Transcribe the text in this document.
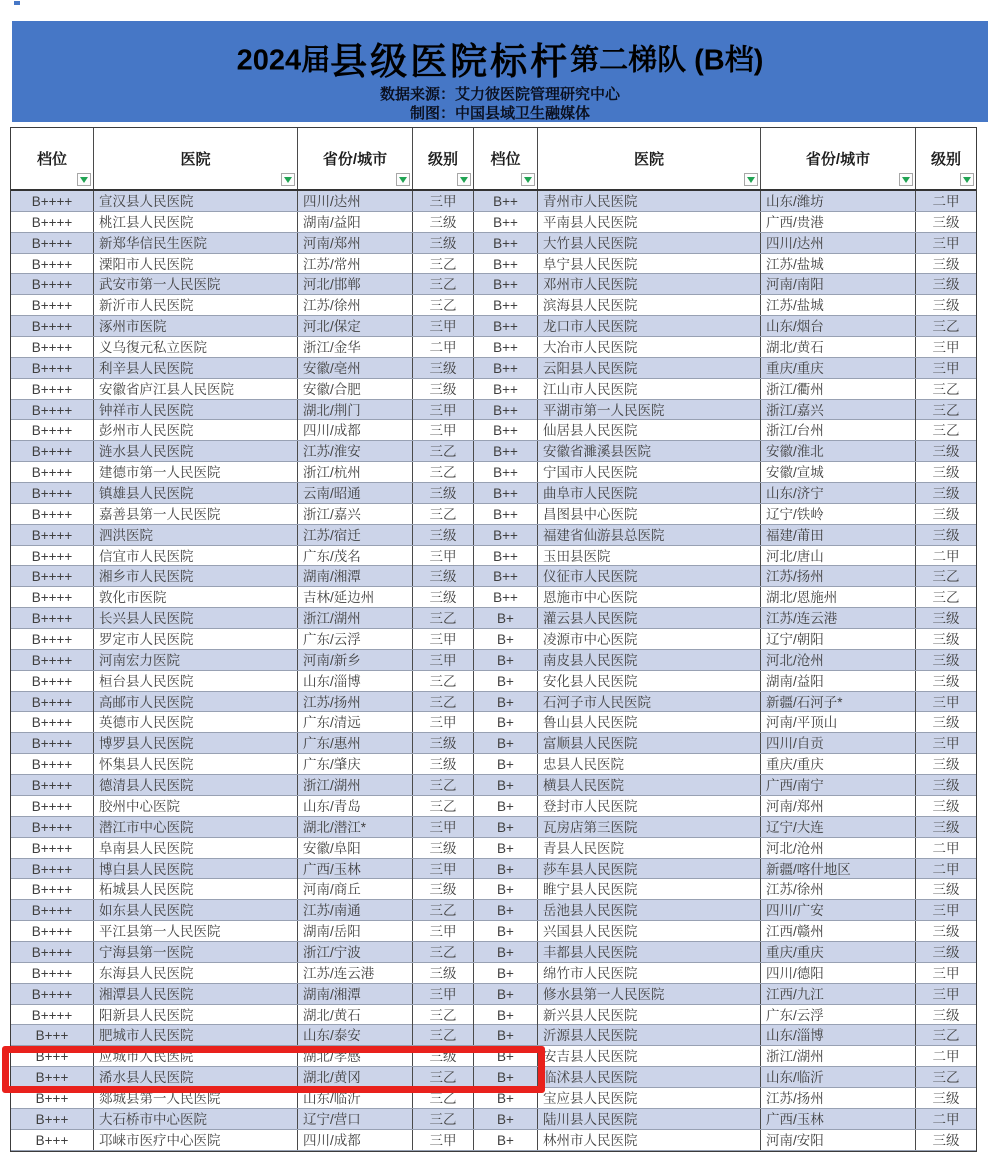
2024届县级医院标杆第二梯队 (B档)
数据来源：艾力彼医院管理研究中心
制图：中国县域卫生融媒体
档位	医院	省份/城市	级别 档位	医院	省份/城市	级别
B++++	宣汉县人民医院	四川/达州	三甲	B++	青州市人民医院	山东/潍坊	二甲
B++++	桃江县人民医院	湖南/益阳	三级	B++	平南县人民医院	广西/贵港	三级
B++++	新郑华信民生医院	河南/郑州	三级	B++	大竹县人民医院	四川/达州	三甲
B++++	溧阳市人民医院	江苏/常州	三乙	B++	阜宁县人民医院	江苏/盐城	三级
B++++	武安市第一人民医院	河北/邯郸	三乙	B++	邓州市人民医院	河南/南阳	三级
B++++	新沂市人民医院	江苏/徐州	三乙	B++	滨海县人民医院	江苏/盐城	三级
B++++	涿州市医院	河北/保定	三甲	B++	龙口市人民医院	山东/烟台	三乙
B++++	义乌復元私立医院	浙江/金华	二甲	B++	大冶市人民医院	湖北/黄石	三甲
B++++	利辛县人民医院	安徽/亳州	三级	B++	云阳县人民医院	重庆/重庆	三甲
B++++	安徽省庐江县人民医院	安徽/合肥	三级	B++	江山市人民医院	浙江/衢州	三乙
B++++	钟祥市人民医院	湖北/荆门	三甲	B++	平湖市第一人民医院	浙江/嘉兴	三乙
B++++	彭州市人民医院	四川/成都	三甲	B++	仙居县人民医院	浙江/台州	三乙
B++++	涟水县人民医院	江苏/淮安	三乙	B++	安徽省濉溪县医院	安徽/淮北	三级
B++++	建德市第一人民医院	浙江/杭州	三乙	B++	宁国市人民医院	安徽/宣城	三级
B++++	镇雄县人民医院	云南/昭通	三级	B++	曲阜市人民医院	山东/济宁	三级
B++++	嘉善县第一人民医院	浙江/嘉兴	三乙	B++	昌图县中心医院	辽宁/铁岭	三级
B++++	泗洪医院	江苏/宿迁	三级	B++	福建省仙游县总医院	福建/莆田	三级
B++++	信宜市人民医院	广东/茂名	三甲	B++	玉田县医院	河北/唐山	二甲
B++++	湘乡市人民医院	湖南/湘潭	三级	B++	仪征市人民医院	江苏/扬州	三乙
B++++	敦化市医院	吉林/延边州	三级	B++	恩施市中心医院	湖北/恩施州	三乙
B++++	长兴县人民医院	浙江/湖州	三乙	B+	灌云县人民医院	江苏/连云港	三级
B++++	罗定市人民医院	广东/云浮	三甲	B+	凌源市中心医院	辽宁/朝阳	三级
B++++	河南宏力医院	河南/新乡	三甲	B+	南皮县人民医院	河北/沧州	三级
B++++	桓台县人民医院	山东/淄博	三乙	B+	安化县人民医院	湖南/益阳	三级
B++++	高邮市人民医院	江苏/扬州	三乙	B+	石河子市人民医院	新疆/石河子*	三甲
B++++	英德市人民医院	广东/清远	三甲	B+	鲁山县人民医院	河南/平顶山	三级
B++++	博罗县人民医院	广东/惠州	三级	B+	富顺县人民医院	四川/自贡	三甲
B++++	怀集县人民医院	广东/肇庆	三级	B+	忠县人民医院	重庆/重庆	三级
B++++	德清县人民医院	浙江/湖州	三乙	B+	横县人民医院	广西/南宁	三级
B++++	胶州中心医院	山东/青岛	三乙	B+	登封市人民医院	河南/郑州	三级
B++++	潜江市中心医院	湖北/潜江*	三甲	B+	瓦房店第三医院	辽宁/大连	三级
B++++	阜南县人民医院	安徽/阜阳	三级	B+	青县人民医院	河北/沧州	二甲
B++++	博白县人民医院	广西/玉林	三甲	B+	莎车县人民医院	新疆/喀什地区	二甲
B++++	柘城县人民医院	河南/商丘	三级	B+	睢宁县人民医院	江苏/徐州	三级
B++++	如东县人民医院	江苏/南通	三乙	B+	岳池县人民医院	四川/广安	三甲
B++++	平江县第一人民医院	湖南/岳阳	三甲	B+	兴国县人民医院	江西/赣州	三级
B++++	宁海县第一医院	浙江/宁波	三乙	B+	丰都县人民医院	重庆/重庆	三级
B++++	东海县人民医院	江苏/连云港	三级	B+	绵竹市人民医院	四川/德阳	三甲
B++++	湘潭县人民医院	湖南/湘潭	三甲	B+	修水县第一人民医院	江西/九江	三甲
B++++	阳新县人民医院	湖北/黄石	三乙	B+	新兴县人民医院	广东/云浮	三级
B+++	肥城市人民医院	山东/泰安	三乙	B+	沂源县人民医院	山东/淄博	三乙
B+++	应城市人民医院	湖北/孝感	三级	B+	安吉县人民医院	浙江/湖州	二甲
B+++	浠水县人民医院	湖北/黄冈	三乙	B+	临沭县人民医院	山东/临沂	三乙
B+++	郯城县第一人民医院	山东/临沂	三乙	B+	宝应县人民医院	江苏/扬州	三级
B+++	大石桥市中心医院	辽宁/营口	三乙	B+	陆川县人民医院	广西/玉林	二甲
B+++	邛崃市医疗中心医院	四川/成都	三甲	B+	林州市人民医院	河南/安阳	三级
